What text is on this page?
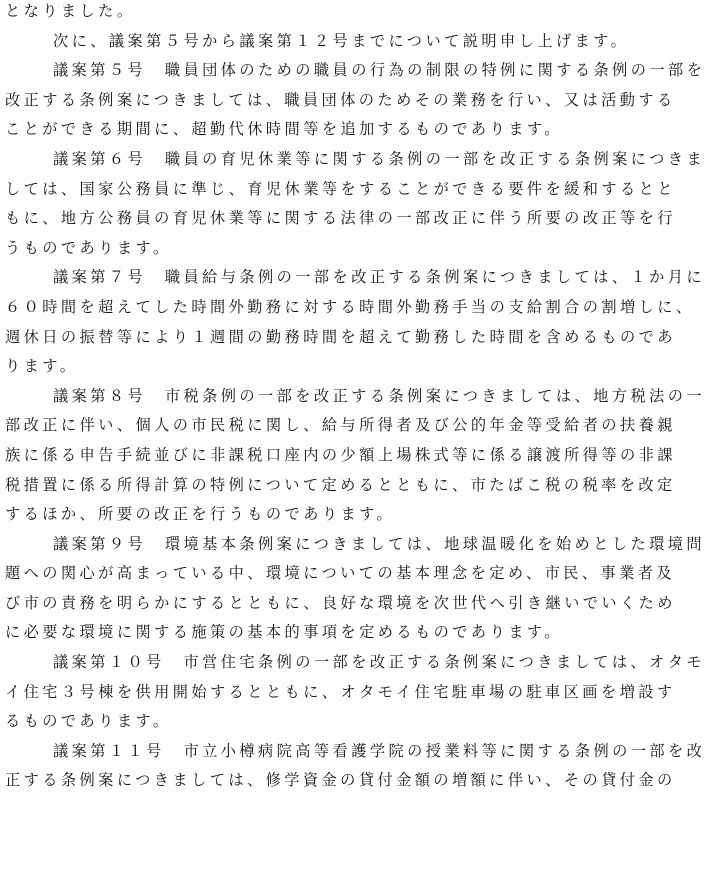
となりました。
次に、議案第５号から議案第１２号までについて説明申し上げます。
議案第５号　職員団体のための職員の行為の制限の特例に関する条例の一部を
改正する条例案につきましては、職員団体のためその業務を行い、又は活動する
ことができる期間に、超勤代休時間等を追加するものであります。
議案第６号　職員の育児休業等に関する条例の一部を改正する条例案につきま
しては、国家公務員に準じ、育児休業等をすることができる要件を緩和するとと
もに、地方公務員の育児休業等に関する法律の一部改正に伴う所要の改正等を行
うものであります。
議案第７号　職員給与条例の一部を改正する条例案につきましては、１か月に
６０時間を超えてした時間外勤務に対する時間外勤務手当の支給割合の割増しに、
週休日の振替等により１週間の勤務時間を超えて勤務した時間を含めるものであ
ります。
議案第８号　市税条例の一部を改正する条例案につきましては、地方税法の一
部改正に伴い、個人の市民税に関し、給与所得者及び公的年金等受給者の扶養親
族に係る申告手続並びに非課税口座内の少額上場株式等に係る譲渡所得等の非課
税措置に係る所得計算の特例について定めるとともに、市たばこ税の税率を改定
するほか、所要の改正を行うものであります。
議案第９号　環境基本条例案につきましては、地球温暖化を始めとした環境問
題への関心が高まっている中、環境についての基本理念を定め、市民、事業者及
び市の責務を明らかにするとともに、良好な環境を次世代へ引き継いでいくため
に必要な環境に関する施策の基本的事項を定めるものであります。
議案第１０号　市営住宅条例の一部を改正する条例案につきましては、オタモ
イ住宅３号棟を供用開始するとともに、オタモイ住宅駐車場の駐車区画を増設す
るものであります。
議案第１１号　市立小樽病院高等看護学院の授業料等に関する条例の一部を改
正する条例案につきましては、修学資金の貸付金額の増額に伴い、その貸付金の
